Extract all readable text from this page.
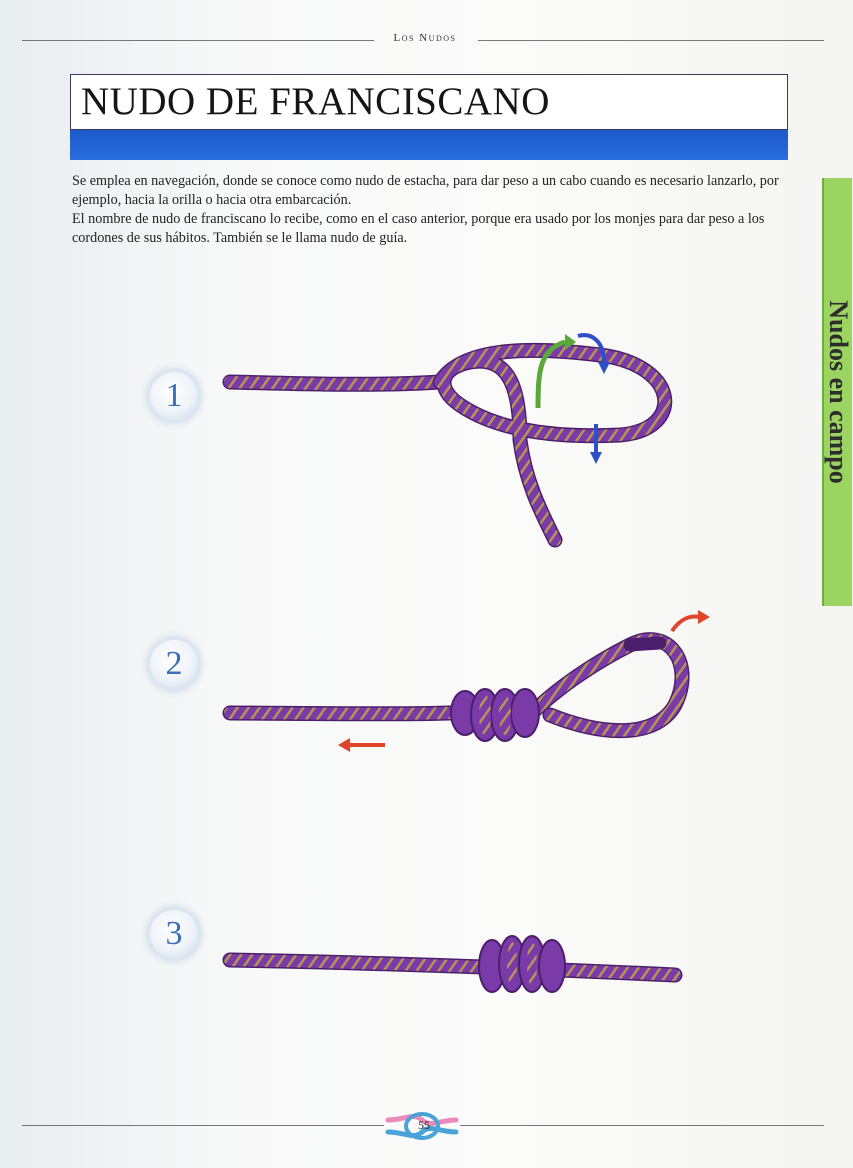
Los Nudos
NUDO DE FRANCISCANO

Se emplea en navegación, donde se conoce como nudo de estacha, para dar peso a un cabo cuando es necesario lanzarlo, por ejemplo, hacia la orilla o hacia otra embarcación.

El nombre de nudo de franciscano lo recibe, como en el caso anterior, porque era usado por los monjes para dar peso a los cordones de sus hábitos. También se le llama nudo de guía.

Nudos en campo
1
2
3
55
